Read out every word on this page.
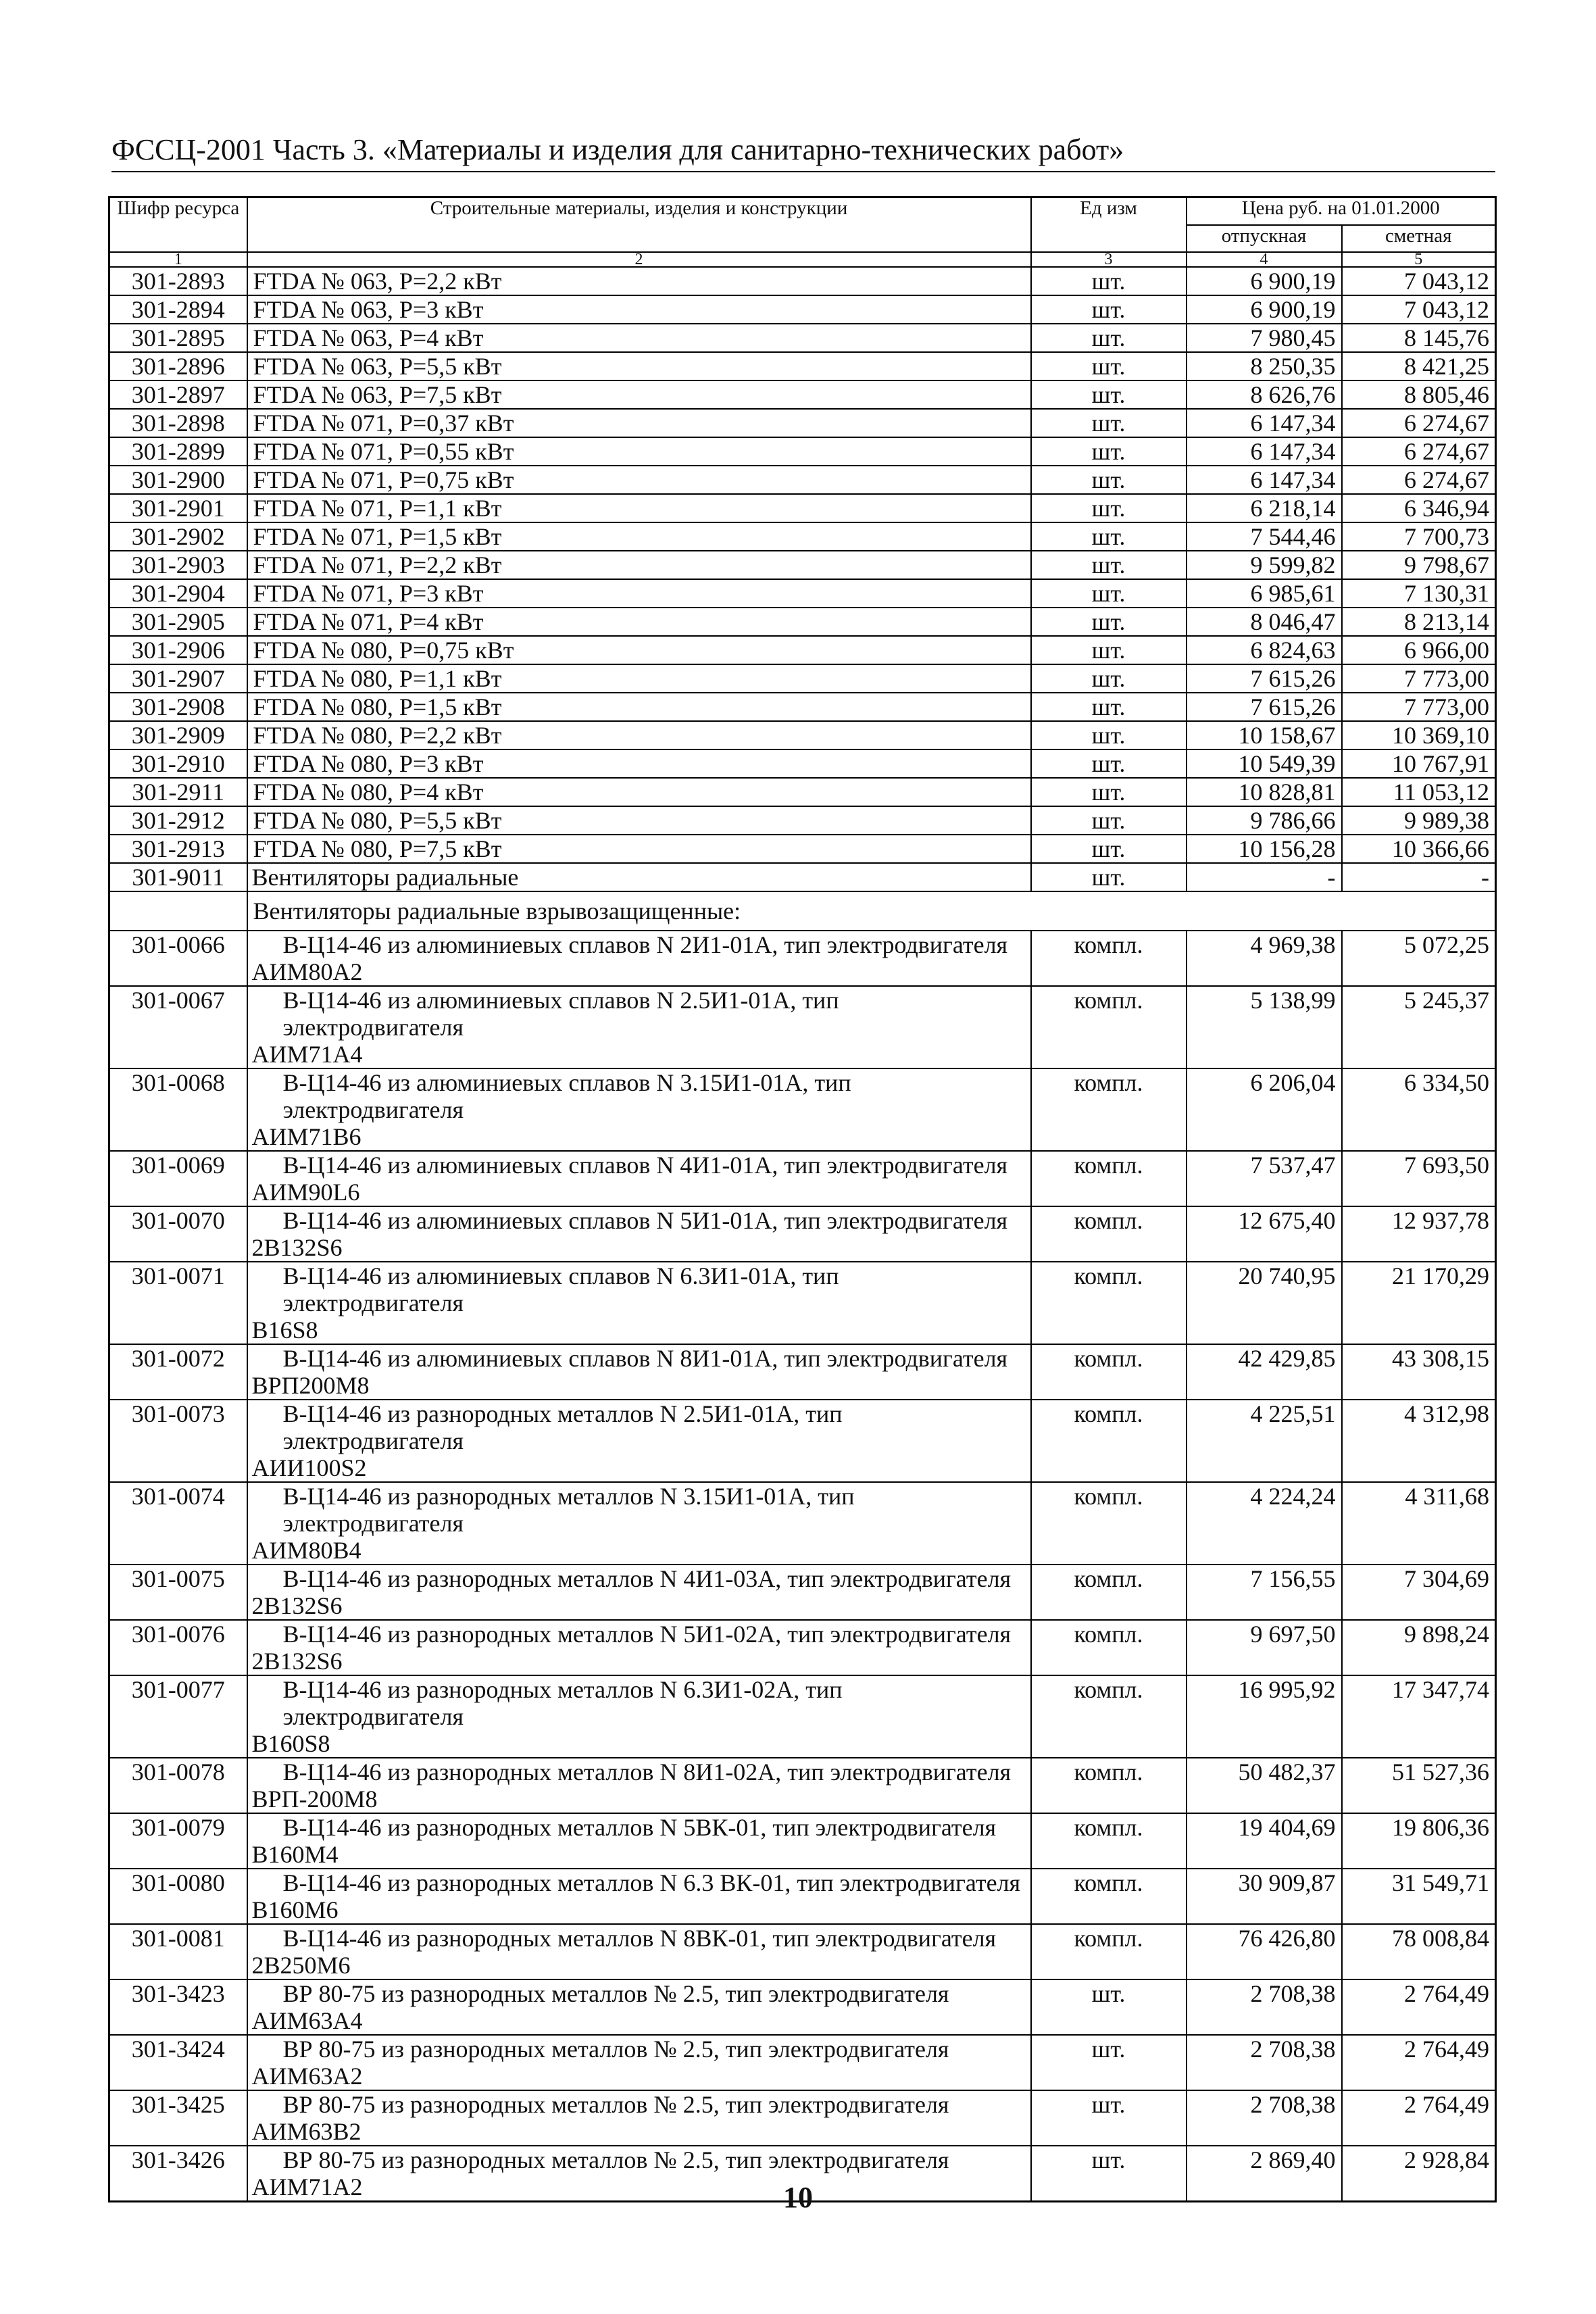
ФССЦ-2001 Часть 3. «Материалы и изделия для санитарно-технических работ»
Шифр ресурса	Строительные материалы, изделия и конструкции	Ед изм	Цена руб. на 01.01.2000	
			отпускная	сметная
1	2	3	4	5
301-2893	FTDA № 063, P=2,2 кВт	шт.	6 900,19	7 043,12
301-2894	FTDA № 063, P=3 кВт	шт.	6 900,19	7 043,12
301-2895	FTDA № 063, P=4 кВт	шт.	7 980,45	8 145,76
301-2896	FTDA № 063, P=5,5 кВт	шт.	8 250,35	8 421,25
301-2897	FTDA № 063, P=7,5 кВт	шт.	8 626,76	8 805,46
301-2898	FTDA № 071, P=0,37 кВт	шт.	6 147,34	6 274,67
301-2899	FTDA № 071, P=0,55 кВт	шт.	6 147,34	6 274,67
301-2900	FTDA № 071, P=0,75 кВт	шт.	6 147,34	6 274,67
301-2901	FTDA № 071, P=1,1 кВт	шт.	6 218,14	6 346,94
301-2902	FTDA № 071, P=1,5 кВт	шт.	7 544,46	7 700,73
301-2903	FTDA № 071, P=2,2 кВт	шт.	9 599,82	9 798,67
301-2904	FTDA № 071, P=3 кВт	шт.	6 985,61	7 130,31
301-2905	FTDA № 071, P=4 кВт	шт.	8 046,47	8 213,14
301-2906	FTDA № 080, P=0,75 кВт	шт.	6 824,63	6 966,00
301-2907	FTDA № 080, P=1,1 кВт	шт.	7 615,26	7 773,00
301-2908	FTDA № 080, P=1,5 кВт	шт.	7 615,26	7 773,00
301-2909	FTDA № 080, P=2,2 кВт	шт.	10 158,67	10 369,10
301-2910	FTDA № 080, P=3 кВт	шт.	10 549,39	10 767,91
301-2911	FTDA № 080, P=4 кВт	шт.	10 828,81	11 053,12
301-2912	FTDA № 080, P=5,5 кВт	шт.	9 786,66	9 989,38
301-2913	FTDA № 080, P=7,5 кВт	шт.	10 156,28	10 366,66
301-9011	Вентиляторы радиальные	шт.	-	-
	Вентиляторы радиальные взрывозащищенные:			
301-0066	В-Ц14-46 из алюминиевых сплавов N 2И1-01А, тип электродвигателя
АИМ80А2	компл.	4 969,38	5 072,25
301-0067	В-Ц14-46 из алюминиевых сплавов N 2.5И1-01А, тип электродвигателя
АИМ71А4	компл.	5 138,99	5 245,37
301-0068	В-Ц14-46 из алюминиевых сплавов N 3.15И1-01А, тип электродвигателя
АИМ71В6	компл.	6 206,04	6 334,50
301-0069	В-Ц14-46 из алюминиевых сплавов N 4И1-01А, тип электродвигателя
АИМ90L6	компл.	7 537,47	7 693,50
301-0070	В-Ц14-46 из алюминиевых сплавов N 5И1-01А, тип электродвигателя
2В132S6	компл.	12 675,40	12 937,78
301-0071	В-Ц14-46 из алюминиевых сплавов N 6.3И1-01А, тип электродвигателя
В16S8	компл.	20 740,95	21 170,29
301-0072	В-Ц14-46 из алюминиевых сплавов N 8И1-01А, тип электродвигателя
ВРП200М8	компл.	42 429,85	43 308,15
301-0073	В-Ц14-46 из разнородных металлов N 2.5И1-01А, тип электродвигателя
АИИ100S2	компл.	4 225,51	4 312,98
301-0074	В-Ц14-46 из разнородных металлов N 3.15И1-01А, тип электродвигателя
АИМ80В4	компл.	4 224,24	4 311,68
301-0075	В-Ц14-46 из разнородных металлов N 4И1-03А, тип электродвигателя
2В132S6	компл.	7 156,55	7 304,69
301-0076	В-Ц14-46 из разнородных металлов N 5И1-02А, тип электродвигателя
2В132S6	компл.	9 697,50	9 898,24
301-0077	В-Ц14-46 из разнородных металлов N 6.3И1-02А, тип электродвигателя
В160S8	компл.	16 995,92	17 347,74
301-0078	В-Ц14-46 из разнородных металлов N 8И1-02А, тип электродвигателя
ВРП-200М8	компл.	50 482,37	51 527,36
301-0079	В-Ц14-46 из разнородных металлов N 5ВК-01, тип электродвигателя
В160М4	компл.	19 404,69	19 806,36
301-0080	В-Ц14-46 из разнородных металлов N 6.3 ВК-01, тип электродвигателя
В160М6	компл.	30 909,87	31 549,71
301-0081	В-Ц14-46 из разнородных металлов N 8ВК-01, тип электродвигателя
2В250М6	компл.	76 426,80	78 008,84
301-3423	ВР 80-75 из разнородных металлов № 2.5, тип электродвигателя
АИМ63А4	шт.	2 708,38	2 764,49
301-3424	ВР 80-75 из разнородных металлов № 2.5, тип электродвигателя
АИМ63А2	шт.	2 708,38	2 764,49
301-3425	ВР 80-75 из разнородных металлов № 2.5, тип электродвигателя
АИМ63В2	шт.	2 708,38	2 764,49
301-3426	ВР 80-75 из разнородных металлов № 2.5, тип электродвигателя
АИМ71А2	шт.	2 869,40	2 928,84
10
